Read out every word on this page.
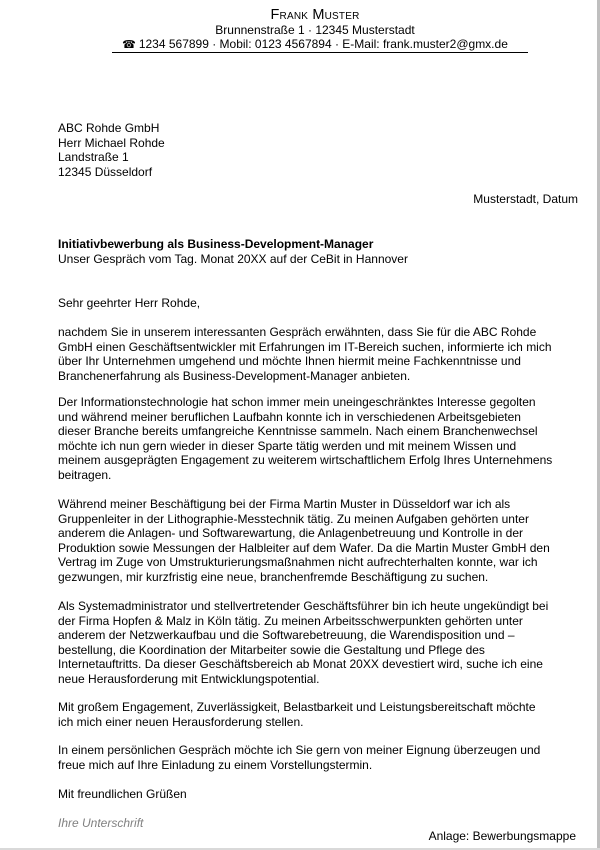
Frank Muster
Brunnenstraße 1 · 12345 Musterstadt
☎ 1234 567899 · Mobil: 0123 4567894 · E-Mail: frank.muster2@gmx.de

ABC Rohde GmbH

Herr Michael Rohde

Landstraße 1

12345 Düsseldorf

Musterstadt, Datum

Initiativbewerbung als Business-Development-Manager

Unser Gespräch vom Tag. Monat 20XX auf der CeBit in Hannover

Sehr geehrter Herr Rohde,

nachdem Sie in unserem interessanten Gespräch erwähnten, dass Sie für die ABC Rohde

GmbH einen Geschäftsentwickler mit Erfahrungen im IT-Bereich suchen, informierte ich mich

über Ihr Unternehmen umgehend und möchte Ihnen hiermit meine Fachkenntnisse und

Branchenerfahrung als Business-Development-Manager anbieten.

Der Informationstechnologie hat schon immer mein uneingeschränktes Interesse gegolten

und während meiner beruflichen Laufbahn konnte ich in verschiedenen Arbeitsgebieten

dieser Branche bereits umfangreiche Kenntnisse sammeln. Nach einem Branchenwechsel

möchte ich nun gern wieder in dieser Sparte tätig werden und mit meinem Wissen und

meinem ausgeprägten Engagement zu weiterem wirtschaftlichem Erfolg Ihres Unternehmens

beitragen.

Während meiner Beschäftigung bei der Firma Martin Muster in Düsseldorf war ich als

Gruppenleiter in der Lithographie-Messtechnik tätig. Zu meinen Aufgaben gehörten unter

anderem die Anlagen- und Softwarewartung, die Anlagenbetreuung und Kontrolle in der

Produktion sowie Messungen der Halbleiter auf dem Wafer. Da die Martin Muster GmbH den

Vertrag im Zuge von Umstrukturierungsmaßnahmen nicht aufrechterhalten konnte, war ich

gezwungen, mir kurzfristig eine neue, branchenfremde Beschäftigung zu suchen.

Als Systemadministrator und stellvertretender Geschäftsführer bin ich heute ungekündigt bei

der Firma Hopfen & Malz in Köln tätig. Zu meinen Arbeitsschwerpunkten gehörten unter

anderem der Netzwerkaufbau und die Softwarebetreuung, die Warendisposition und –

bestellung, die Koordination der Mitarbeiter sowie die Gestaltung und Pflege des

Internetauftritts. Da dieser Geschäftsbereich ab Monat 20XX devestiert wird, suche ich eine

neue Herausforderung mit Entwicklungspotential.

Mit großem Engagement, Zuverlässigkeit, Belastbarkeit und Leistungsbereitschaft möchte

ich mich einer neuen Herausforderung stellen.

In einem persönlichen Gespräch möchte ich Sie gern von meiner Eignung überzeugen und

freue mich auf Ihre Einladung zu einem Vorstellungstermin.

Mit freundlichen Grüßen
Ihre Unterschrift
Anlage: Bewerbungsmappe
